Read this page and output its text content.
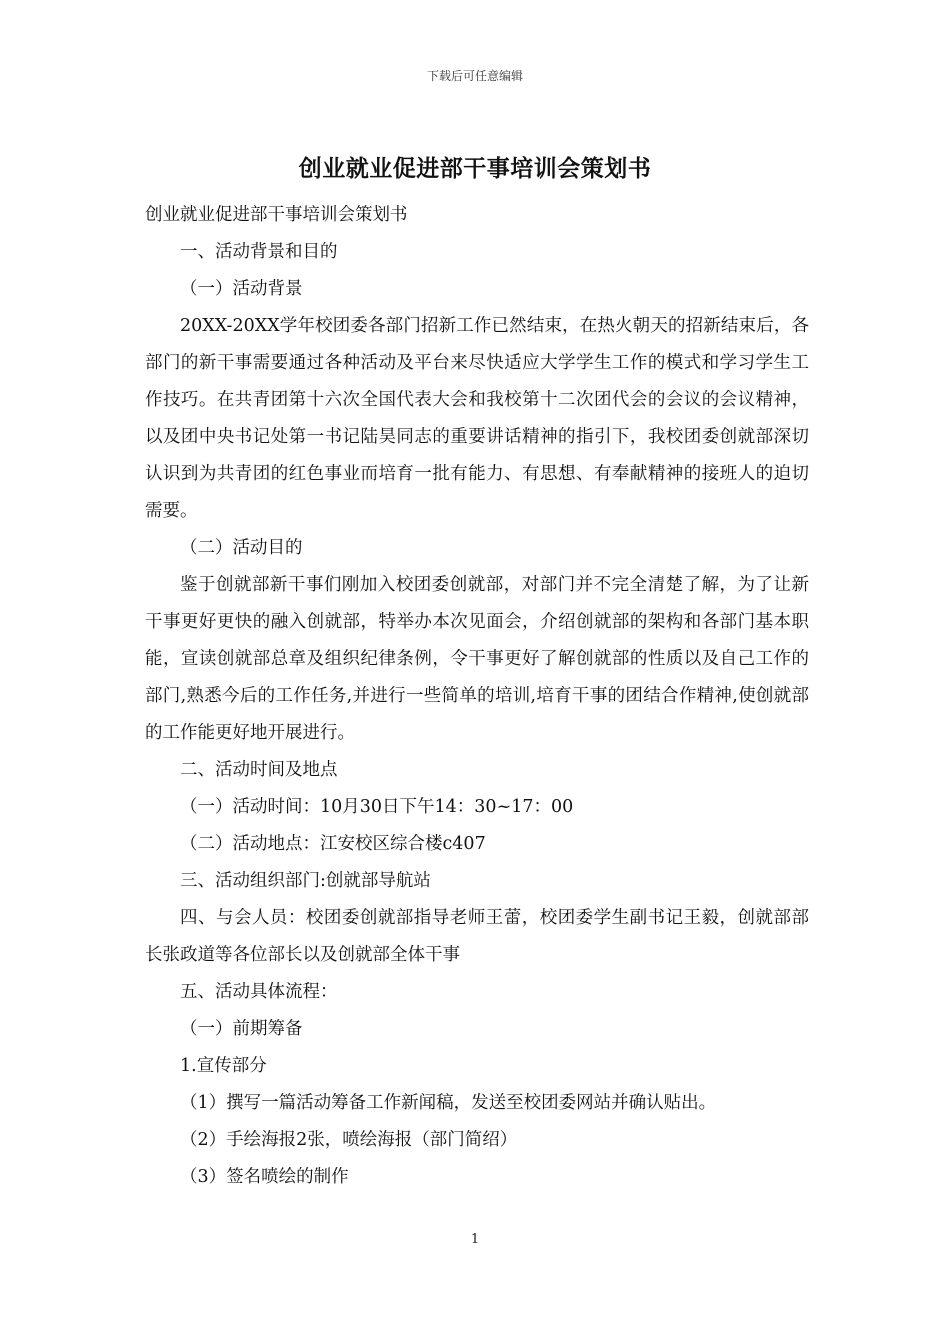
下载后可任意编辑
创业就业促进部干事培训会策划书

创业就业促进部干事培训会策划书

一、活动背景和目的

（一）活动背景

20XX-20XX学年校团委各部门招新工作已然结束，在热火朝天的招新结束后，各部门的新干事需要通过各种活动及平台来尽快适应大学学生工作的模式和学习学生工作技巧。在共青团第十六次全国代表大会和我校第十二次团代会的会议的会议精神，以及团中央书记处第一书记陆昊同志的重要讲话精神的指引下，我校团委创就部深切认识到为共青团的红色事业而培育一批有能力、有思想、有奉献精神的接班人的迫切需要。

（二）活动目的

鉴于创就部新干事们刚加入校团委创就部，对部门并不完全清楚了解，为了让新干事更好更快的融入创就部，特举办本次见面会，介绍创就部的架构和各部门基本职能，宣读创就部总章及组织纪律条例，令干事更好了解创就部的性质以及自己工作的部门,熟悉今后的工作任务,并进行一些简单的培训,培育干事的团结合作精神,使创就部的工作能更好地开展进行。

二、活动时间及地点

（一）活动时间：10月30日下午14：30~17：00

（二）活动地点：江安校区综合楼c407

三、活动组织部门:创就部导航站

四、与会人员：校团委创就部指导老师王蕾，校团委学生副书记王毅，创就部部长张政道等各位部长以及创就部全体干事

五、活动具体流程：

（一）前期筹备

1.宣传部分

（1）撰写一篇活动筹备工作新闻稿，发送至校团委网站并确认贴出。

（2）手绘海报2张，喷绘海报（部门简绍）

（3）签名喷绘的制作

1
